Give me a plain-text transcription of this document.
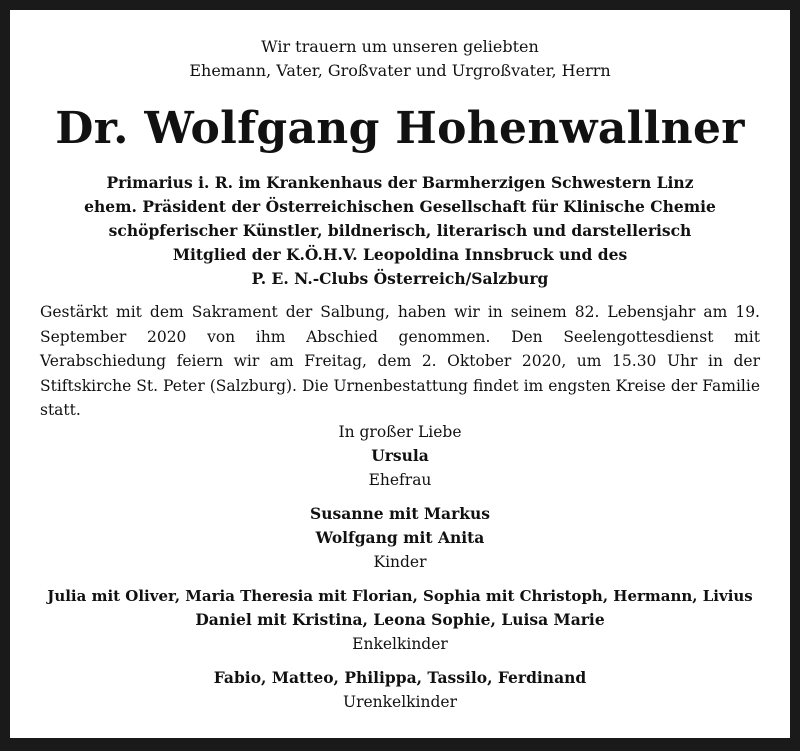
Wir trauern um unseren geliebten
Ehemann, Vater, Großvater und Urgroßvater, Herrn
Dr. Wolfgang Hohenwallner
Primarius i. R. im Krankenhaus der Barmherzigen Schwestern Linz
ehem. Präsident der Österreichischen Gesellschaft für Klinische Chemie
schöpferischer Künstler, bildnerisch, literarisch und darstellerisch
Mitglied der K.Ö.H.V. Leopoldina Innsbruck und des
P. E. N.-Clubs Österreich/Salzburg
Gestärkt mit dem Sakrament der Salbung, haben wir in seinem 82. Lebensjahr am 19. September 2020 von ihm Abschied genommen. Den Seelengottesdienst mit Verabschiedung feiern wir am Freitag, dem 2. Oktober 2020, um 15.30 Uhr in der Stiftskirche St. Peter (Salzburg). Die Urnenbestattung findet im engsten Kreise der Familie statt.
In großer Liebe
Ursula
Ehefrau
Susanne mit Markus
Wolfgang mit Anita
Kinder
Julia mit Oliver, Maria Theresia mit Florian, Sophia mit Christoph, Hermann, Livius
Daniel mit Kristina, Leona Sophie, Luisa Marie
Enkelkinder
Fabio, Matteo, Philippa, Tassilo, Ferdinand
Urenkelkinder
